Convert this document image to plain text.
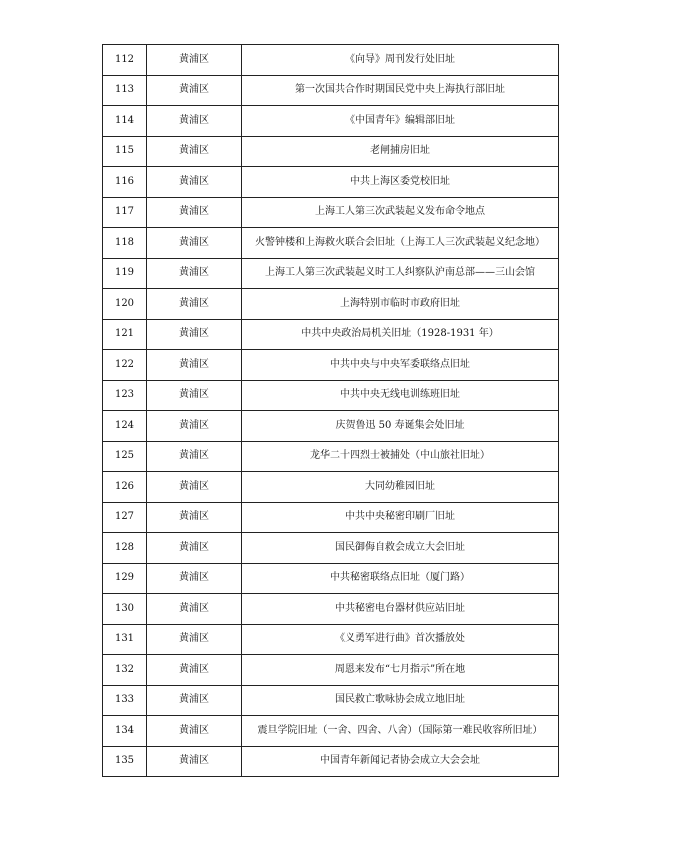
112	黄浦区	《向导》周刊发行处旧址
113	黄浦区	第一次国共合作时期国民党中央上海执行部旧址
114	黄浦区	《中国青年》编辑部旧址
115	黄浦区	老闸捕房旧址
116	黄浦区	中共上海区委党校旧址
117	黄浦区	上海工人第三次武装起义发布命令地点
118	黄浦区	火警钟楼和上海救火联合会旧址（上海工人三次武装起义纪念地）
119	黄浦区	上海工人第三次武装起义时工人纠察队沪南总部——三山会馆
120	黄浦区	上海特别市临时市政府旧址
121	黄浦区	中共中央政治局机关旧址（1928-1931 年）
122	黄浦区	中共中央与中央军委联络点旧址
123	黄浦区	中共中央无线电训练班旧址
124	黄浦区	庆贺鲁迅 50 寿诞集会处旧址
125	黄浦区	龙华二十四烈士被捕处（中山旅社旧址）
126	黄浦区	大同幼稚园旧址
127	黄浦区	中共中央秘密印刷厂旧址
128	黄浦区	国民御侮自救会成立大会旧址
129	黄浦区	中共秘密联络点旧址（厦门路）
130	黄浦区	中共秘密电台器材供应站旧址
131	黄浦区	《义勇军进行曲》首次播放处
132	黄浦区	周恩来发布“七月指示”所在地
133	黄浦区	国民救亡歌咏协会成立地旧址
134	黄浦区	震旦学院旧址（一舍、四舍、八舍）（国际第一难民收容所旧址）
135	黄浦区	中国青年新闻记者协会成立大会会址
